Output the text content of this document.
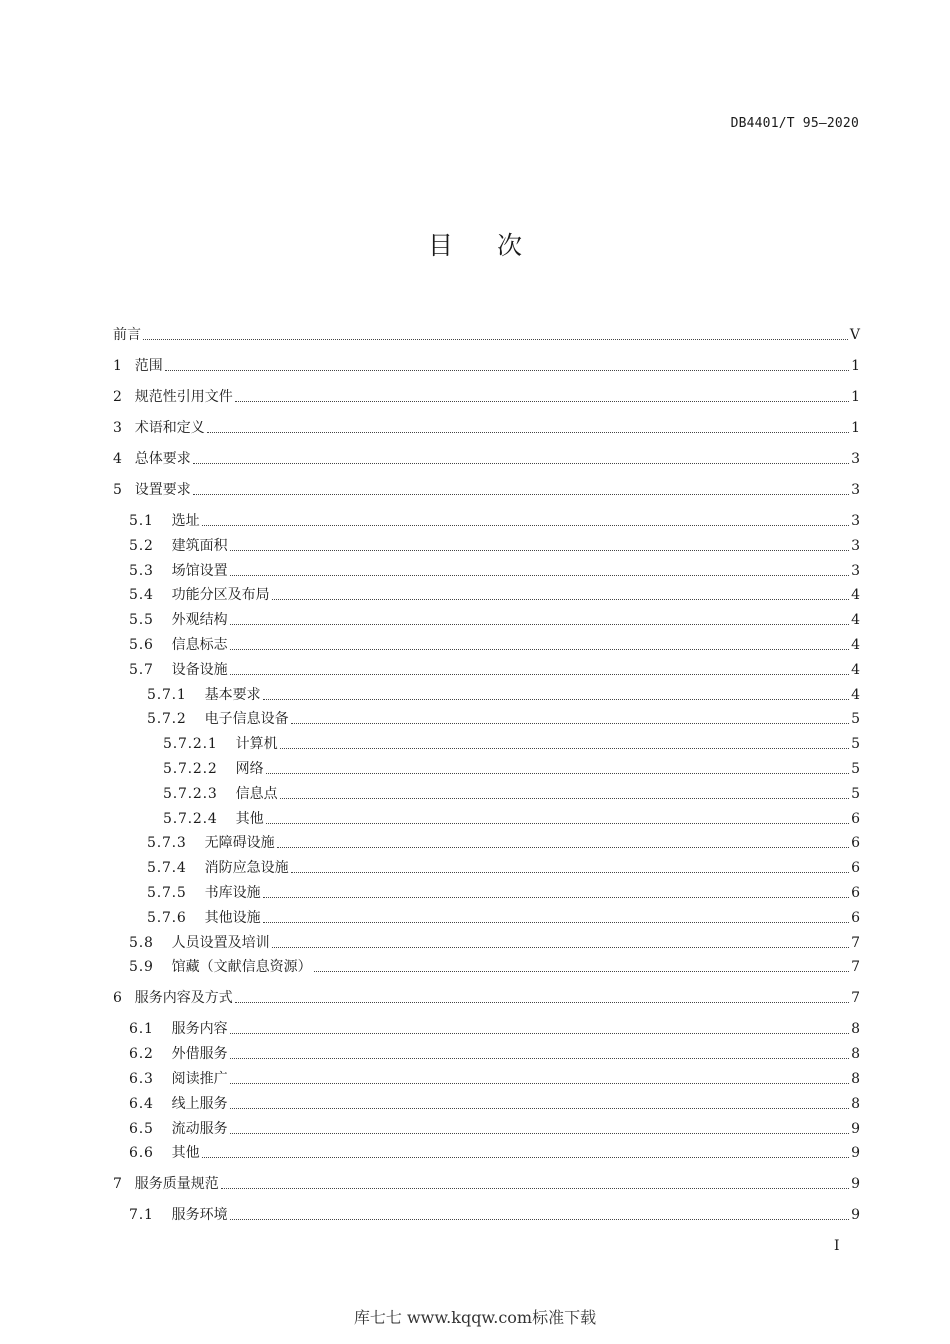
DB4401/T 95—2020
目 次
前言	V
1 范围	1
2 规范性引用文件	1
3 术语和定义	1
4 总体要求	3
5 设置要求	3
5.1 选址	3
5.2 建筑面积	3
5.3 场馆设置	3
5.4 功能分区及布局	4
5.5 外观结构	4
5.6 信息标志	4
5.7 设备设施	4
5.7.1 基本要求	4
5.7.2 电子信息设备	5
5.7.2.1 计算机	5
5.7.2.2 网络	5
5.7.2.3 信息点	5
5.7.2.4 其他	6
5.7.3 无障碍设施	6
5.7.4 消防应急设施	6
5.7.5 书库设施	6
5.7.6 其他设施	6
5.8 人员设置及培训	7
5.9 馆藏（文献信息资源）	7
6 服务内容及方式	7
6.1 服务内容	8
6.2 外借服务	8
6.3 阅读推广	8
6.4 线上服务	8
6.5 流动服务	9
6.6 其他	9
7 服务质量规范	9
7.1 服务环境	9
I
库七七 www.kqqw.com标准下载
